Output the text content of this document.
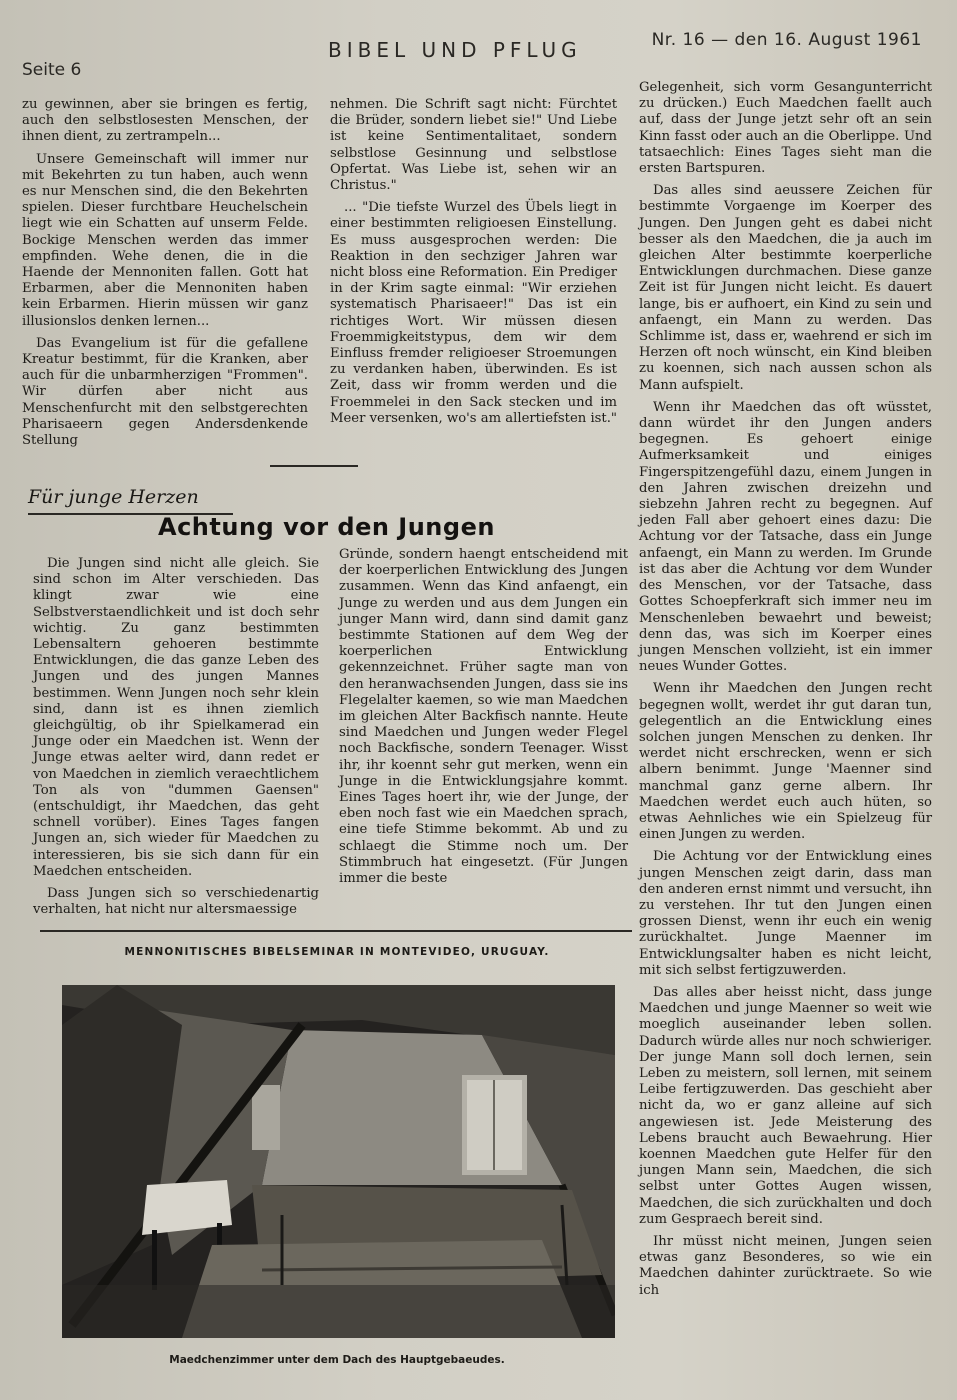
Seite 6
BIBEL UND PFLUG	Nr. 16 — den 16. August 1961

zu gewinnen, aber sie bringen es fertig, auch den selbstlosesten Menschen, der ihnen dient, zu zertrampeln...

Unsere Gemeinschaft will immer nur mit Bekehrten zu tun haben, auch wenn es nur Menschen sind, die den Bekehrten spielen. Dieser furchtbare Heuchelschein liegt wie ein Schatten auf unserm Felde. Bockige Menschen werden das immer empfinden. Wehe denen, die in die Haende der Mennoniten fallen. Gott hat Erbarmen, aber die Mennoniten haben kein Erbarmen. Hierin müssen wir ganz illusionslos denken lernen...

Das Evangelium ist für die gefallene Kreatur bestimmt, für die Kranken, aber auch für die unbarmherzigen "Frommen". Wir dürfen aber nicht aus Menschenfurcht mit den selbstgerechten Pharisaeern gegen Andersdenkende Stellung

nehmen. Die Schrift sagt nicht: Fürchtet die Brüder, sondern liebet sie!" Und Liebe ist keine Sentimentalitaet, sondern selbstlose Gesinnung und selbstlose Opfertat. Was Liebe ist, sehen wir an Christus."

... "Die tiefste Wurzel des Übels liegt in einer bestimmten religioesen Einstellung. Es muss ausgesprochen werden: Die Reaktion in den sechziger Jahren war nicht bloss eine Reformation. Ein Prediger in der Krim sagte einmal: "Wir erziehen systematisch Pharisaeer!" Das ist ein richtiges Wort. Wir müssen diesen Froemmigkeitstypus, dem wir dem Einfluss fremder religioeser Stroemungen zu verdanken haben, überwinden. Es ist Zeit, dass wir fromm werden und die Froemmelei in den Sack stecken und im Meer versenken, wo's am allertiefsten ist."

Gelegenheit, sich vorm Gesangunterricht zu drücken.) Euch Maedchen faellt auch auf, dass der Junge jetzt sehr oft an sein Kinn fasst oder auch an die Oberlippe. Und tatsaechlich: Eines Tages sieht man die ersten Bartspuren.

Das alles sind aeussere Zeichen für bestimmte Vorgaenge im Koerper des Jungen. Den Jungen geht es dabei nicht besser als den Maedchen, die ja auch im gleichen Alter bestimmte koerperliche Entwicklungen durchmachen. Diese ganze Zeit ist für Jungen nicht leicht. Es dauert lange, bis er aufhoert, ein Kind zu sein und anfaengt, ein Mann zu werden. Das Schlimme ist, dass er, waehrend er sich im Herzen oft noch wünscht, ein Kind bleiben zu koennen, sich nach aussen schon als Mann aufspielt.

Wenn ihr Maedchen das oft wüsstet, dann würdet ihr den Jungen anders begegnen. Es gehoert einige Aufmerksamkeit und einiges Fingerspitzengefühl dazu, einem Jungen in den Jahren zwischen dreizehn und siebzehn Jahren recht zu begegnen. Auf jeden Fall aber gehoert eines dazu: Die Achtung vor der Tatsache, dass ein Junge anfaengt, ein Mann zu werden. Im Grunde ist das aber die Achtung vor dem Wunder des Menschen, vor der Tatsache, dass Gottes Schoepferkraft sich immer neu im Menschenleben bewaehrt und beweist; denn das, was sich im Koerper eines jungen Menschen vollzieht, ist ein immer neues Wunder Gottes.

Wenn ihr Maedchen den Jungen recht begegnen wollt, werdet ihr gut daran tun, gelegentlich an die Entwicklung eines solchen jungen Menschen zu denken. Ihr werdet nicht erschrecken, wenn er sich albern benimmt. Junge 'Maenner sind manchmal ganz gerne albern. Ihr Maedchen werdet euch auch hüten, so etwas Aehnliches wie ein Spielzeug für einen Jungen zu werden.

Die Achtung vor der Entwicklung eines jungen Menschen zeigt darin, dass man den anderen ernst nimmt und versucht, ihn zu verstehen. Ihr tut den Jungen einen grossen Dienst, wenn ihr euch ein wenig zurückhaltet. Junge Maenner im Entwicklungsalter haben es nicht leicht, mit sich selbst fertigzuwerden.

Das alles aber heisst nicht, dass junge Maedchen und junge Maenner so weit wie moeglich auseinander leben sollen. Dadurch würde alles nur noch schwieriger. Der junge Mann soll doch lernen, sein Leben zu meistern, soll lernen, mit seinem Leibe fertigzuwerden. Das geschieht aber nicht da, wo er ganz alleine auf sich angewiesen ist. Jede Meisterung des Lebens braucht auch Bewaehrung. Hier koennen Maedchen gute Helfer für den jungen Mann sein, Maedchen, die sich selbst unter Gottes Augen wissen, Maedchen, die sich zurückhalten und doch zum Gespraech bereit sind.

Ihr müsst nicht meinen, Jungen seien etwas ganz Besonderes, so wie ein Maedchen dahinter zurücktraete. So wie ich

Für junge Herzen
Achtung vor den Jungen

Die Jungen sind nicht alle gleich. Sie sind schon im Alter verschieden. Das klingt zwar wie eine Selbstverstaendlichkeit und ist doch sehr wichtig. Zu ganz bestimmten Lebensaltern gehoeren bestimmte Entwicklungen, die das ganze Leben des Jungen und des jungen Mannes bestimmen. Wenn Jungen noch sehr klein sind, dann ist es ihnen ziemlich gleichgültig, ob ihr Spielkamerad ein Junge oder ein Maedchen ist. Wenn der Junge etwas aelter wird, dann redet er von Maedchen in ziemlich veraechtlichem Ton als von "dummen Gaensen" (entschuldigt, ihr Maedchen, das geht schnell vorüber). Eines Tages fangen Jungen an, sich wieder für Maedchen zu interessieren, bis sie sich dann für ein Maedchen entscheiden.

Dass Jungen sich so verschiedenartig verhalten, hat nicht nur altersmaessige

Gründe, sondern haengt entscheidend mit der koerperlichen Entwicklung des Jungen zusammen. Wenn das Kind anfaengt, ein Junge zu werden und aus dem Jungen ein junger Mann wird, dann sind damit ganz bestimmte Stationen auf dem Weg der koerperlichen Entwicklung gekennzeichnet. Früher sagte man von den heranwachsenden Jungen, dass sie ins Flegelalter kaemen, so wie man Maedchen im gleichen Alter Backfisch nannte. Heute sind Maedchen und Jungen weder Flegel noch Backfische, sondern Teenager. Wisst ihr, ihr koennt sehr gut merken, wenn ein Junge in die Entwicklungsjahre kommt. Eines Tages hoert ihr, wie der Junge, der eben noch fast wie ein Maedchen sprach, eine tiefe Stimme bekommt. Ab und zu schlaegt die Stimme noch um. Der Stimmbruch hat eingesetzt. (Für Jungen immer die beste

MENNONITISCHES BIBELSEMINAR IN MONTEVIDEO, URUGUAY.
Maedchenzimmer unter dem Dach des Hauptgebaeudes.
